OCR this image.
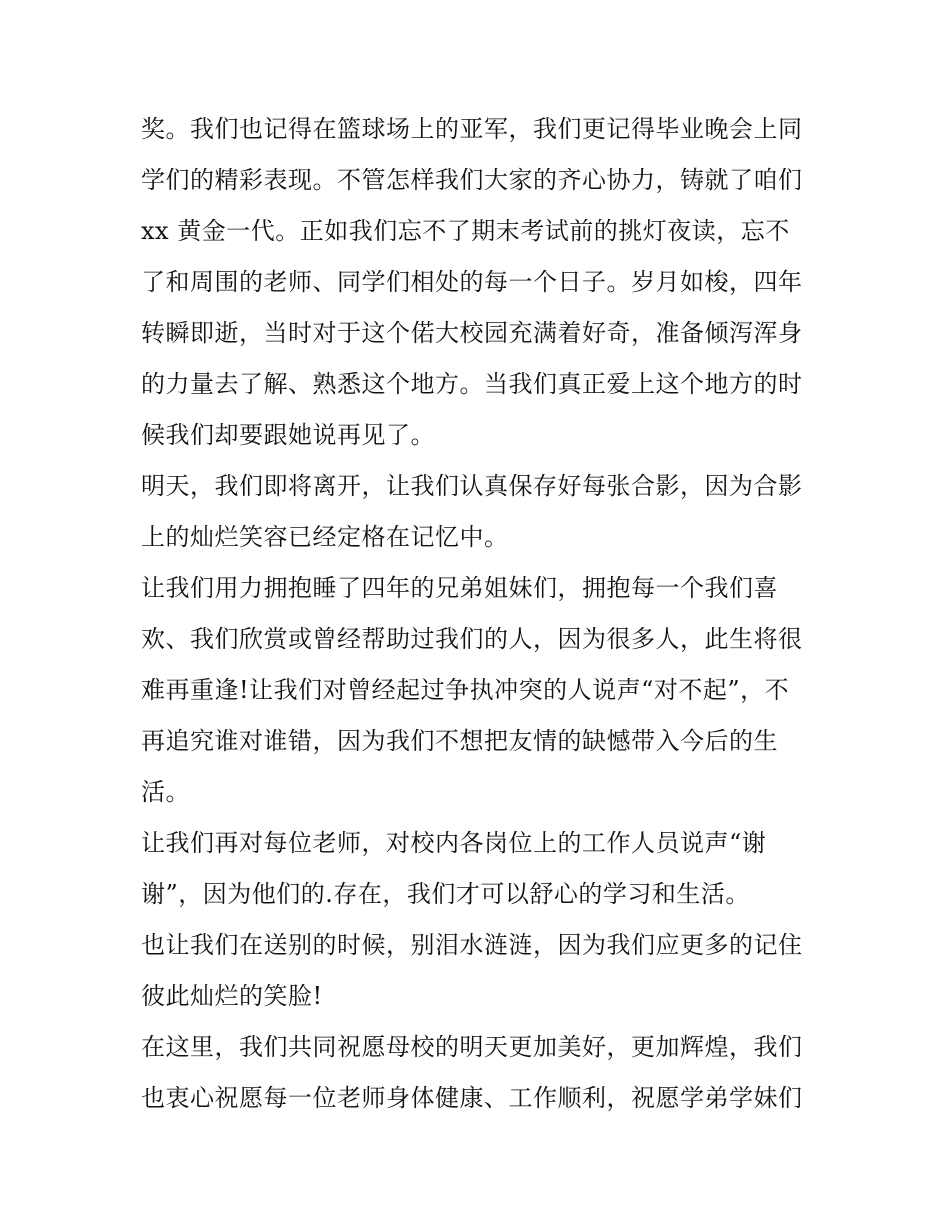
奖。我们也记得在篮球场上的亚军，我们更记得毕业晚会上同
学们的精彩表现。不管怎样我们大家的齐心协力，铸就了咱们
xx 黄金一代。正如我们忘不了期末考试前的挑灯夜读，忘不
了和周围的老师、同学们相处的每一个日子。岁月如梭，四年
转瞬即逝，当时对于这个偌大校园充满着好奇，准备倾泻浑身
的力量去了解、熟悉这个地方。当我们真正爱上这个地方的时
候我们却要跟她说再见了。
明天，我们即将离开，让我们认真保存好每张合影，因为合影
上的灿烂笑容已经定格在记忆中。
让我们用力拥抱睡了四年的兄弟姐妹们，拥抱每一个我们喜
欢、我们欣赏或曾经帮助过我们的人，因为很多人，此生将很
难再重逢!让我们对曾经起过争执冲突的人说声“对不起”，不
再追究谁对谁错，因为我们不想把友情的缺憾带入今后的生
活。
让我们再对每位老师，对校内各岗位上的工作人员说声“谢
谢”，因为他们的.存在，我们才可以舒心的学习和生活。
也让我们在送别的时候，别泪水涟涟，因为我们应更多的记住
彼此灿烂的笑脸!
在这里，我们共同祝愿母校的明天更加美好，更加辉煌，我们
也衷心祝愿每一位老师身体健康、工作顺利，祝愿学弟学妹们
